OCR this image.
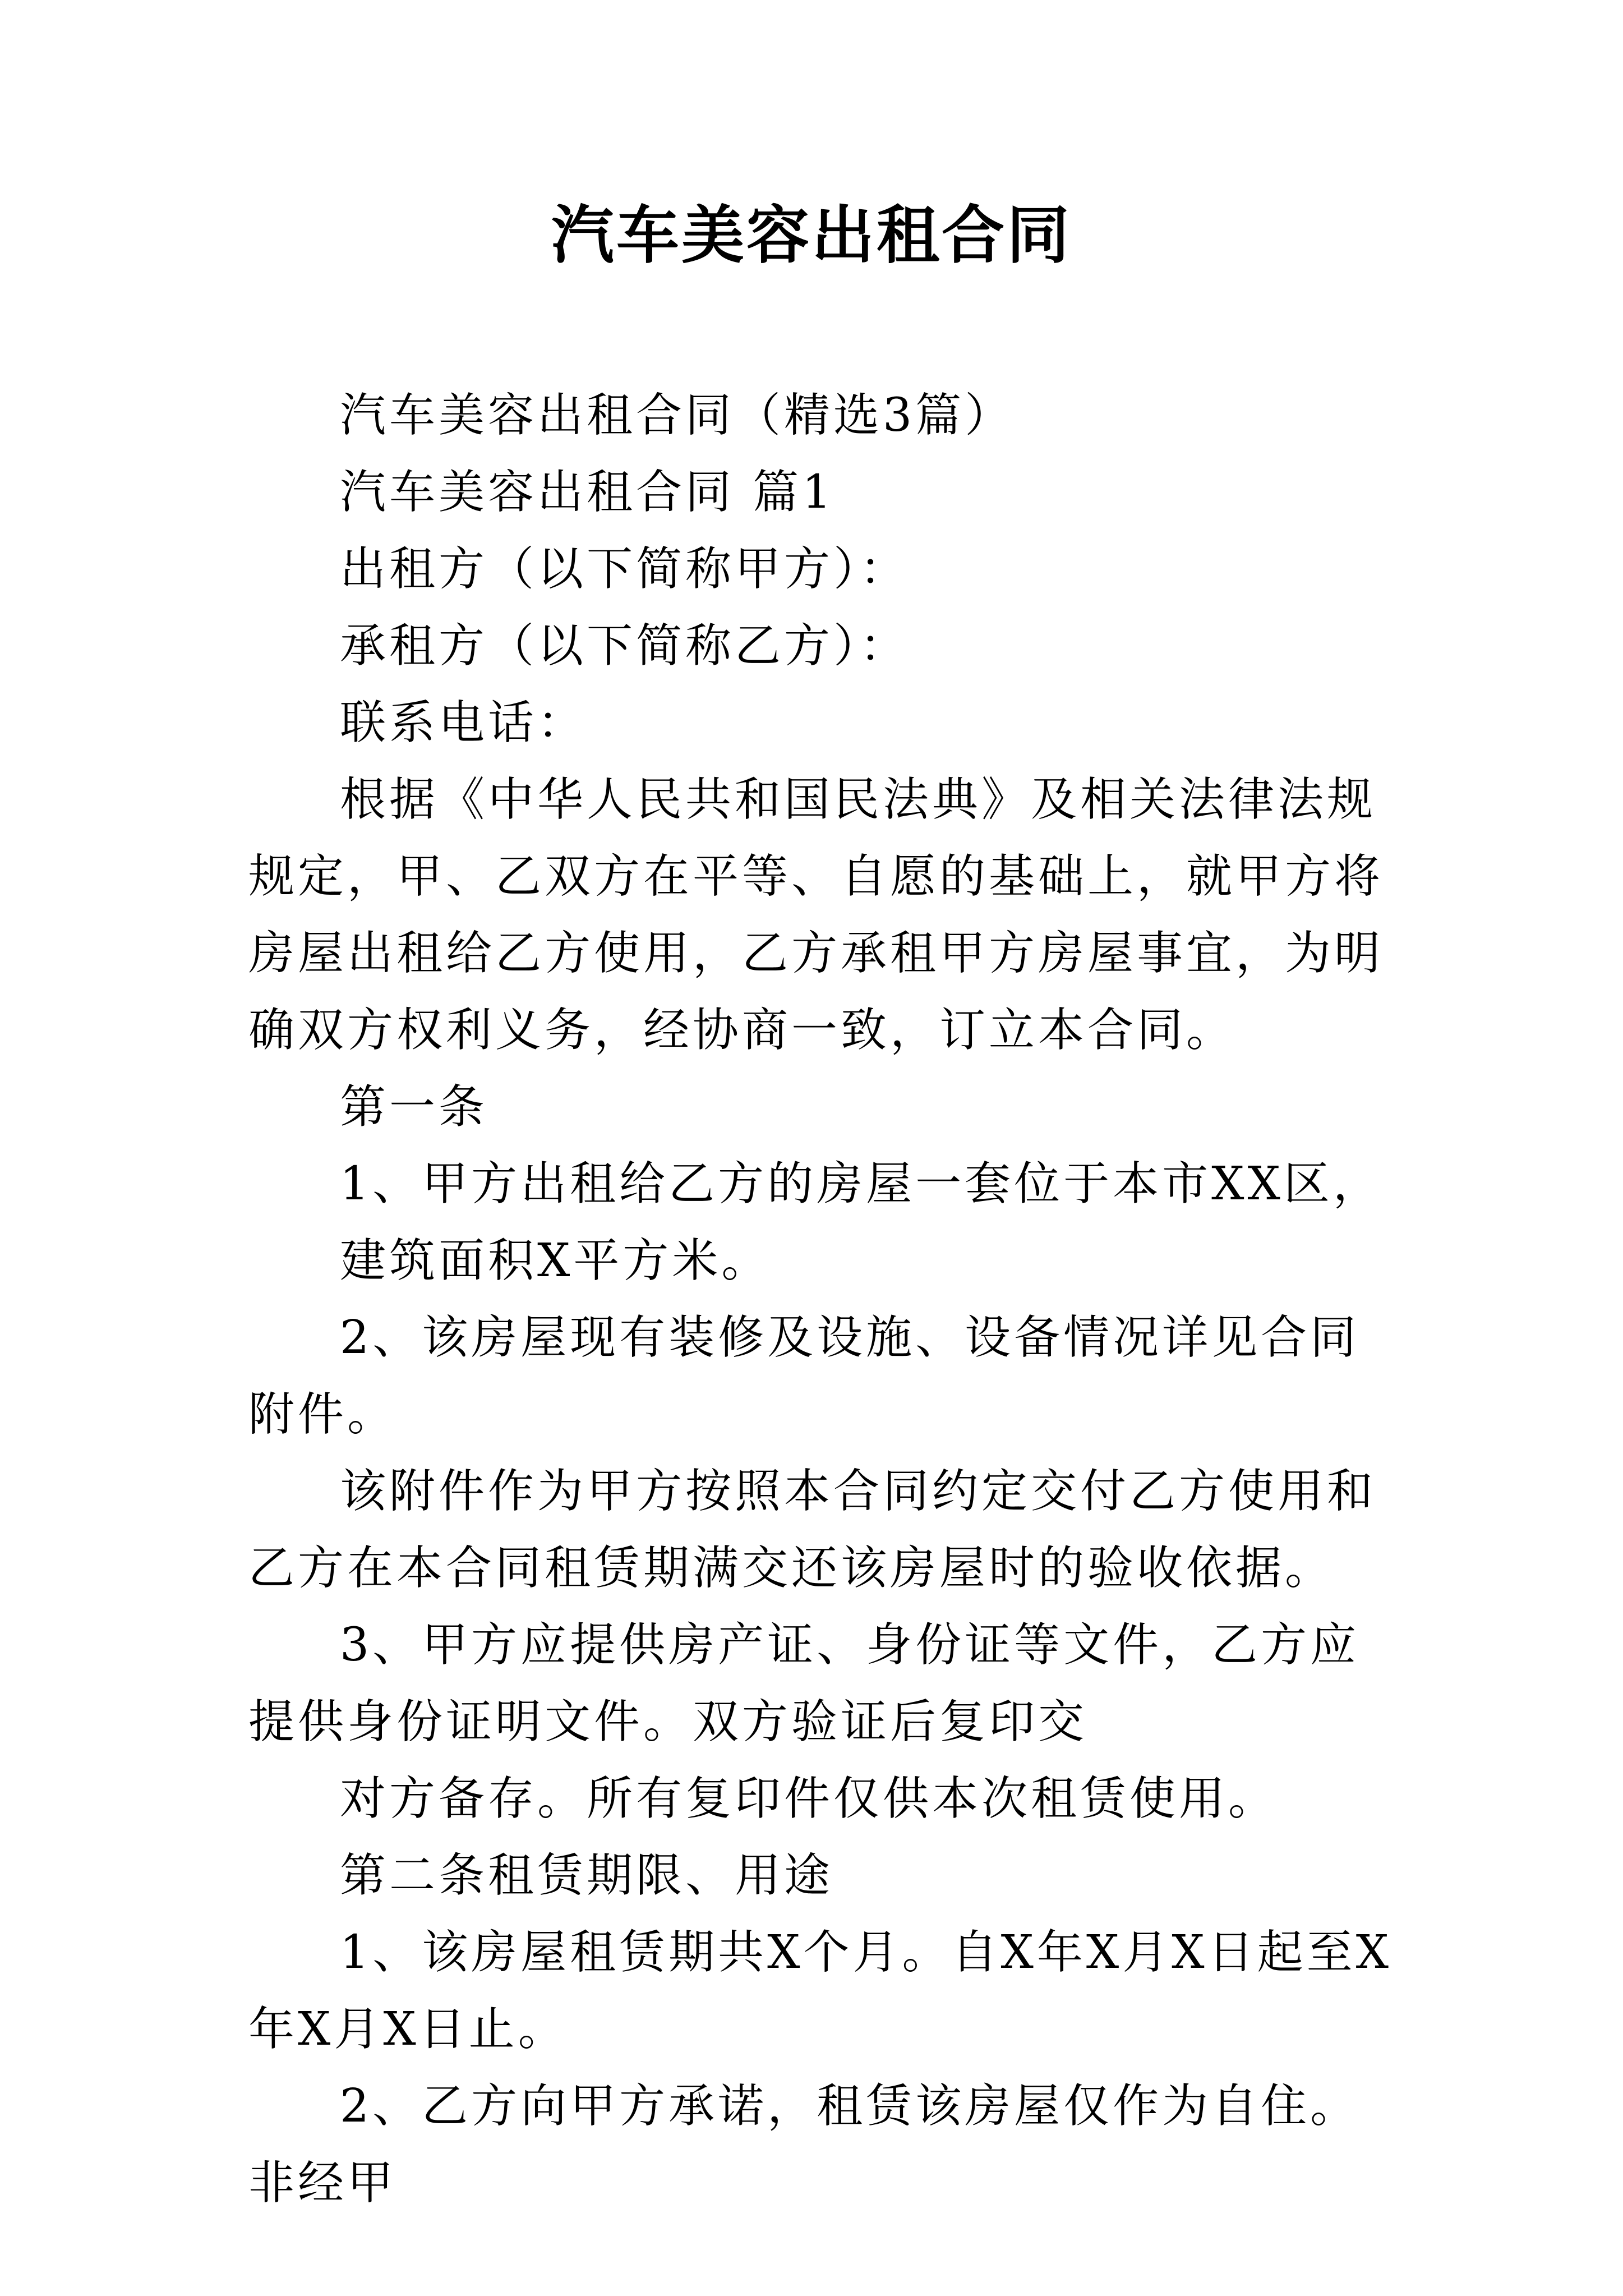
汽车美容出租合同

汽车美容出租合同（精选3篇）

汽车美容出租合同 篇1

出租方（以下简称甲方）：

承租方（以下简称乙方）：

联系电话：

根据《中华人民共和国民法典》及相关法律法规规定，甲、乙双方在平等、自愿的基础上，就甲方将房屋出租给乙方使用，乙方承租甲方房屋事宜，为明确双方权利义务，经协商一致，订立本合同。

第一条

1、甲方出租给乙方的房屋一套位于本市XX区，

建筑面积X平方米。

2、该房屋现有装修及设施、设备情况详见合同附件。

该附件作为甲方按照本合同约定交付乙方使用和乙方在本合同租赁期满交还该房屋时的验收依据。

3、甲方应提供房产证、身份证等文件，乙方应提供身份证明文件。双方验证后复印交

对方备存。所有复印件仅供本次租赁使用。

第二条租赁期限、用途

1、该房屋租赁期共X个月。自X年X月X日起至X年X月X日止。

2、乙方向甲方承诺，租赁该房屋仅作为自住。非经甲
